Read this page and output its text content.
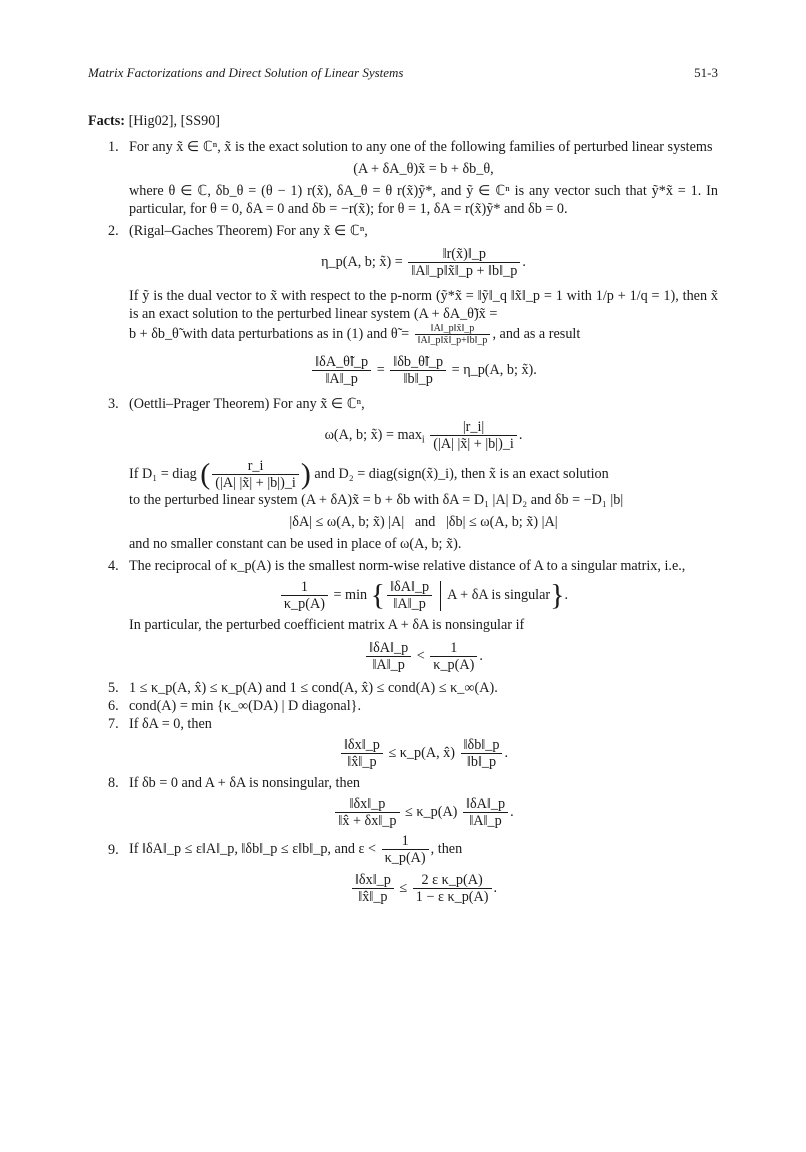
Matrix Factorizations and Direct Solution of Linear Systems	51-3

Facts: [Hig02], [SS90]

1. For any x̃ ∈ ℂⁿ, x̃ is the exact solution to any one of the following families of perturbed linear systems

(A + δA_θ)x̃ = b + δb_θ,

where θ ∈ ℂ, δb_θ = (θ − 1) r(x̃), δA_θ = θ r(x̃)ỹ*, and ỹ ∈ ℂⁿ is any vector such that ỹ*x̃ = 1. In particular, for θ = 0, δA = 0 and δb = −r(x̃); for θ = 1, δA = r(x̃)ỹ* and δb = 0.

2. (Rigal–Gaches Theorem) For any x̃ ∈ ℂⁿ,

η_p(A, b; x̃) = $\frac{‖r(x̃)‖\_p}{‖A‖\_p‖x̃‖\_p + ‖b‖\_p}$ .

If ỹ is the dual vector to x̃ with respect to the p-norm (ỹ*x̃ = ‖ỹ‖_q ‖x̃‖_p = 1 with 1/p + 1/q = 1), then x̃ is an exact solution to the perturbed linear system (A + δA_θ̃)x̃ =

b + δb_θ̃ with data perturbations as in (1) and θ̃ = $\frac{‖A‖\_p‖x̃‖\_p}{‖A‖\_p‖x̃‖\_p+‖b‖\_p}$ , and as a result

$\frac{‖\delta A\_\thetã‖\_p}{‖A‖\_p} = \frac{‖\delta b\_\thetã‖\_p}{‖b‖\_p}$ = η_p(A, b; x̃).
3. (Oettli–Prager Theorem) For any x̃ ∈ ℂⁿ,

ω(A, b; x̃) = $\max_i \frac{|r\_i|}{(|A| |x̃| + |b|)\_i}$ .

If D₁ = diag ( $\frac{r\_i}{(|A| |x̃| + |b|)\_i}$ ) and D₂ = diag(sign(x̃)_i), then x̃ is an exact solution

to the perturbed linear system (A + δA)x̃ = b + δb with δA = D₁ |A| D₂ and δb = −D₁ |b|

|δA| ≤ ω(A, b; x̃) |A|   and   |δb| ≤ ω(A, b; x̃) |A|

and no smaller constant can be used in place of ω(A, b; x̃).

4. The reciprocal of κ_p(A) is the smallest norm-wise relative distance of A to a singular matrix, i.e.,

$\frac{1}{\kappa\_p(A)} = \min$ { $\frac{‖\delta A‖\_p}{‖A‖\_p}$ A + δA is singular}.

In particular, the perturbed coefficient matrix A + δA is nonsingular if

$\frac{‖\delta A‖\_p}{‖A‖\_p} < \frac{1}{\kappa\_p(A)}$ .
5. 1 ≤ κ_p(A, x̂) ≤ κ_p(A) and 1 ≤ cond(A, x̂) ≤ cond(A) ≤ κ_∞(A).

6. cond(A) = min {κ_∞(DA) | D diagonal}.

7. If δA = 0, then

$\frac{‖\delta x‖\_p}{‖x̂‖\_p}$ ≤ κ_p(A, x̂) $\frac{‖\delta b‖\_p}{‖b‖\_p}$ .
8. If δb = 0 and A + δA is nonsingular, then

$\frac{‖\delta x‖\_p}{‖x̂ + \delta x‖\_p}$ ≤ κ_p(A) $\frac{‖\delta A‖\_p}{‖A‖\_p}$ .
9. If ‖δA‖_p ≤ ε‖A‖_p, ‖δb‖_p ≤ ε‖b‖_p, and $\varepsilon < \frac{1}{\kappa\_p(A)}$ , then

$\frac{‖\delta x‖\_p}{‖x̂‖\_p} \le \frac{\text{2 ε κ\_p(A)}}{\text{1 − ε κ\_p(A)}}$ .
